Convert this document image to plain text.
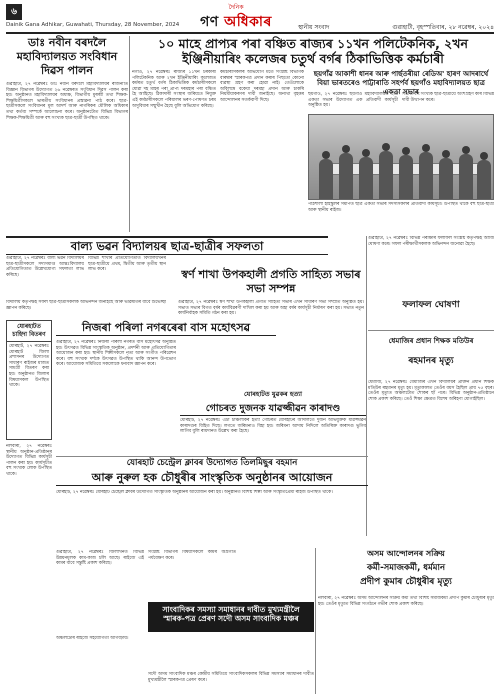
৬
Dainik Gana Adhikar, Guwahati, Thursday, 28 November, 2024
দৈনিক
গণ অধিকাৰ	স্থানীয় সংবাদ	গুৱাহাটী, বৃহস্পতিবাৰ, ২৮ নৱেম্বৰ, ২০২৪
ডাঃ নবীন বৰদলৈ মহাবিদ্যালয়ত সংবিধান দিৱস পালন
গুৱাহাটী, ২৭ নৱেম্বৰঃ ডাঃ নবীন বৰদলৈ মহাবিদ্যালয়ৰ ৰাজনীতি বিজ্ঞান বিভাগৰ উদ্যোগত ২৬ নৱেম্বৰত সংবিধান দিৱস পালন কৰা হয়। অনুষ্ঠানত মহাবিদ্যালয়ৰ অধ্যক্ষ, বিভাগীয় মুৰব্বী তথা শিক্ষক-শিক্ষয়িত্ৰীসকলে ভাৰতীয় সংবিধানৰ প্ৰস্তাৱনা পাঠ কৰে। ছাত্ৰ-ছাত্ৰীসকলে সংবিধানৰ মূল আদৰ্শ আৰু নাগৰিকৰ মৌলিক অধিকাৰ তথা কৰ্তব্য সম্পৰ্কে আলোচনা কৰে। অনুষ্ঠানটোত বিভিন্ন বিভাগৰ শিক্ষক-শিক্ষয়িত্ৰী আৰু বহু সংখ্যক ছাত্ৰ-ছাত্ৰী উপস্থিত থাকে।
১০ মাহে প্ৰাপ্যৰ পৰা বঞ্চিত ৰাজ্যৰ ১১খন পলিটেকনিক, ২খন ইঞ্জিনীয়াৰিং কলেজৰ চতুৰ্থ বৰ্গৰ ঠিকাভিত্তিক কৰ্মচাৰী
নগাঁও, ২৭ নৱেম্বৰঃ ৰাজ্যৰ ১১খন চৰকাৰী পলিটেকনিক আৰু ২খন ইঞ্জিনীয়াৰিং কলেজত কৰ্মৰত চতুৰ্থ বৰ্গৰ ঠিকাভিত্তিক কৰ্মচাৰীসকলে যোৱা দহ মাহৰ পৰা প্ৰাপ্য দৰমহাৰ পৰা বঞ্চিত হৈ আহিছে। ঠিকাদাৰী সংস্থাৰ জৰিয়তে নিযুক্ত এই কৰ্মচাৰীসকলে পৰিয়ালৰ ভৰণ-পোষণত চৰম অসুবিধাৰ সন্মুখীন হৈছে বুলি অভিযোগ কৰিছে।
কৰ্মচাৰীসকলৰ অভিযোগ মতে সংশ্লিষ্ট বিভাগক বাৰম্বাৰ স্মাৰকপত্ৰ প্ৰদান কৰাৰ পিছতো কোনো ব্যৱস্থা গ্ৰহণ কৰা হোৱা নাই। তেওঁলোকে অবিলম্বে বকেয়া দৰমহা প্ৰদান আৰু চাকৰি নিয়মীয়াকৰণৰ দাবী জনাইছে। অন্যথা বৃহত্তৰ আন্দোলনৰ সতৰ্কবাণী দিছে।
ছয়গাঁৱ আকাশী ধানৰ আৰু পাৰ্ছতৰীয়া ৰেডিঅ' হাৰণ আদৰাৰ্থে বিয়া ভাৰতৰেও পাট্টাৰাতি সহৰ্পৰ্ব ছয়গাঁও মহাবিদ্যালয়ত ছাত্ৰ একতা সভাৰ
ছয়গাঁও, ২৭ নৱেম্বৰঃ ছয়গাঁও মহাবিদ্যালয়ত ছাত্ৰ একতা সভাৰ উদ্যোগত এক প্ৰতিবাদী কাৰ্যসূচী অনুষ্ঠিত হয়।
সভাত বহু সংখ্যক ছাত্ৰ-ছাত্ৰীয়ে অংশগ্ৰহণ কৰি বিভিন্ন দাবী উত্থাপন কৰে।
পাঠশালা হাইস্কুলৰ সমীপত ছাত্ৰ একতা সভাৰ সদস্যসকলৰ প্ৰতিবাদী কাৰ্যসূচী। উপস্থিত থাকে বহু ছাত্ৰ-ছাত্ৰী আৰু স্থানীয় ৰাইজ।
বাল্য ভৱন বিদ্যালয়ৰ ছাত্ৰ-ছাত্ৰীৰ সফলতা
গুৱাহাটী, ২৭ নৱেম্বৰঃ বাল্য ভৱন বিদ্যালয়ৰ ছাত্ৰ-ছাত্ৰীসকলে সদ্যসমাপ্ত আন্তঃবিদ্যালয় প্ৰতিযোগিতাত উল্লেখযোগ্য সফলতা লাভ কৰিছে।
বিভিন্ন শাখাৰ প্ৰতিযোগিতাত বিদ্যালয়খনৰ ছাত্ৰ-ছাত্ৰীয়ে প্ৰথম, দ্বিতীয় আৰু তৃতীয় স্থান লাভ কৰে।
বিদ্যালয় কৰ্তৃপক্ষই সফল ছাত্ৰ-ছাত্ৰীসকলক অভিনন্দন জনাইছে আৰু ভৱিষ্যতৰ বাবে শুভেচ্ছা জ্ঞাপন কৰিছে।
স্বৰ্ণ শাখা উপকহালী প্ৰগতি সাহিত্য সভাৰ সভা সম্পন্ন
গুৱাহাটী, ২৭ নৱেম্বৰঃ স্বৰ্ণ শাখা উপকহালী প্ৰগতি সাহিত্য সভাৰ এখন সাধাৰণ সভা সম্প্ৰতি অনুষ্ঠিত হয়। সভাত সভাৰ বিগত বৰ্ষৰ কাৰ্যবিৱৰণী দাখিল কৰা হয় আৰু অহা বৰ্ষৰ কাৰ্যসূচী নিৰ্ধাৰণ কৰা হয়। সভাত নতুন কাৰ্যনিৰ্বাহক সমিতি গঠন কৰা হয়।
গুৱাহাটী, ২৭ নৱেম্বৰঃ বিভিন্ন পৰীক্ষাৰ ফলাফল সংশ্লিষ্ট কৰ্তৃপক্ষই আজি ঘোষণা কৰে। সফল পৰীক্ষাৰ্থীসকলক অভিনন্দন জনোৱা হৈছে।
ফলাফল ঘোষণা
যোৰহাটত চাহিদা বিতৰণ
যোৰহাট, ২৭ নৱেম্বৰঃ যোৰহাট জিলা প্ৰশাসনৰ উদ্যোগত সাধাৰণ ৰাইজৰ মাজত সামগ্ৰী বিতৰণ কৰা হয়। অনুষ্ঠানত জিলাৰ বিষয়াসকল উপস্থিত থাকে।
নিজৰা পৰিলা নগৰৰেৰা বাস মহোৎসৱ
গুৱাহাটী, ২৭ নৱেম্বৰঃ নিজৰা পৰিলা নগৰত বাস মহোৎসৱ অনুষ্ঠিত হয়। উৎসৱত বিভিন্ন সাংস্কৃতিক অনুষ্ঠান, প্ৰদৰ্শনী আৰু প্ৰতিযোগিতাৰ আয়োজন কৰা হয়। স্থানীয় শিল্পীসকলে নৃত্য আৰু সংগীত পৰিৱেশন কৰে। বহু সংখ্যক দৰ্শকে উৎসৱত উপস্থিত থাকি আনন্দ উপভোগ কৰে। আয়োজক সমিতিয়ে সকলোকে ধন্যবাদ জ্ঞাপন কৰে।
যোৰহাটত যুৱকৰ হত্যা
গোচৰত দুজনক যাৱজ্জীৱন কাৰাদণ্ড
যোৰহাট, ২৭ নৱেম্বৰঃ এটা চাঞ্চল্যকৰ হত্যা গোচৰত যোৰহাটৰ আদালতে দুজন অভিযুক্তক যাৱজ্জীৱন কাৰাদণ্ডৰ বিহিত দিছে। লগতে জৰিমনাও বিহা হয়। জৰিমনা আদায় নিদিলে অতিৰিক্ত কাৰাদণ্ড ভুগিব লাগিব বুলি ৰায়দানত উল্লেখ কৰা হৈছে।
ধেমাজিৰ প্ৰধান শিক্ষক মতিউৰ
ৰহমানৰ মৃত্যু
ধেমাজি, ২৭ নৱেম্বৰঃ ধেমাজিৰ এখন বিদ্যালয়ৰ প্ৰাক্তন প্ৰধান শিক্ষক মতিউৰ ৰহমানৰ মৃত্যু হয়। মৃত্যুকালত তেওঁৰ বয়স হৈছিল প্ৰায় ৭৫ বছৰ। তেওঁৰ মৃত্যুত অঞ্চলটোত শোকৰ ছাঁ পৰে। বিভিন্ন অনুষ্ঠান-প্ৰতিষ্ঠানে শোক প্ৰকাশ কৰিছে। তেওঁ শিক্ষা ক্ষেত্ৰত বিশেষ অৰিহণা যোগাইছিল।
যোৰহাট চেন্ট্ৰেল ক্লাবৰ উদ্যোগত তিলমিছুৰ বহমান
আৰু নুৰুল হক চৌধুৰীৰ সাংস্কৃতিক অনুষ্ঠানৰ আয়োজন
যোৰহাট, ২৭ নৱেম্বৰঃ যোৰহাট চেন্ট্ৰেল ক্লাবৰ উদ্যোগত সাংস্কৃতিক অনুষ্ঠানৰ আয়োজন কৰা হয়। অনুষ্ঠানত বিশিষ্ট শিল্পী আৰু সংস্কৃতিপ্ৰেমী ৰাইজ উপস্থিত থাকে।
নলবাৰী, ২৭ নৱেম্বৰঃ স্থানীয় অনুষ্ঠান-প্ৰতিষ্ঠানৰ উদ্যোগত বিভিন্ন কাৰ্যসূচী পালন কৰা হয়। কাৰ্যসূচীত বহু সংখ্যক লোক উপস্থিত থাকে।
গুৱাহাটী, ২৭ নৱেম্বৰঃ জিলাখনত বিভিন্ন উন্নয়নমূলক কাম-কাজ চলি আছে। ৰাইজে এই কামৰ বাবে সন্তুষ্টি প্ৰকাশ কৰিছে।
সংশ্লিষ্ট বিভাগৰ বিষয়াসকলে কামৰ অগ্ৰগতি পৰ্যবেক্ষণ কৰে।
অঞ্চলটোৰ ৰাইজে সহযোগিতা আগবঢ়ায়।
সদৌ অসম সাংবাদিক মঞ্চৰ কেন্দ্ৰীয় সমিতিয়ে সাংবাদিকসকলৰ বিভিন্ন সমস্যাৰ সমাধানৰ দাবীত মুখ্যমন্ত্ৰীলৈ স্মাৰকপত্ৰ প্ৰেৰণ কৰে।
সাংবাদিকৰ সমস্যা সমাধানৰ দাবীত মুখ্যমন্ত্ৰীলৈ স্মাৰক-পত্ৰ প্ৰেৰণ সদৌ অসম সাংবাদিক মঞ্চৰ
অসম আন্দোলনৰ সক্ৰিয়
কৰ্মী-সমাজকৰ্মী, ধৰ্মমান
প্ৰদীপ কুমাৰ চৌধুৰীৰ মৃত্যু
নলবাৰী, ২৭ নৱেম্বৰঃ অসম আন্দোলনৰ সক্ৰিয় কৰ্মী তথা বিশিষ্ট সমাজকৰ্মী প্ৰদীপ কুমাৰ চৌধুৰীৰ মৃত্যু হয়। তেওঁৰ মৃত্যুত বিভিন্ন সংগঠনে গভীৰ শোক প্ৰকাশ কৰিছে।
